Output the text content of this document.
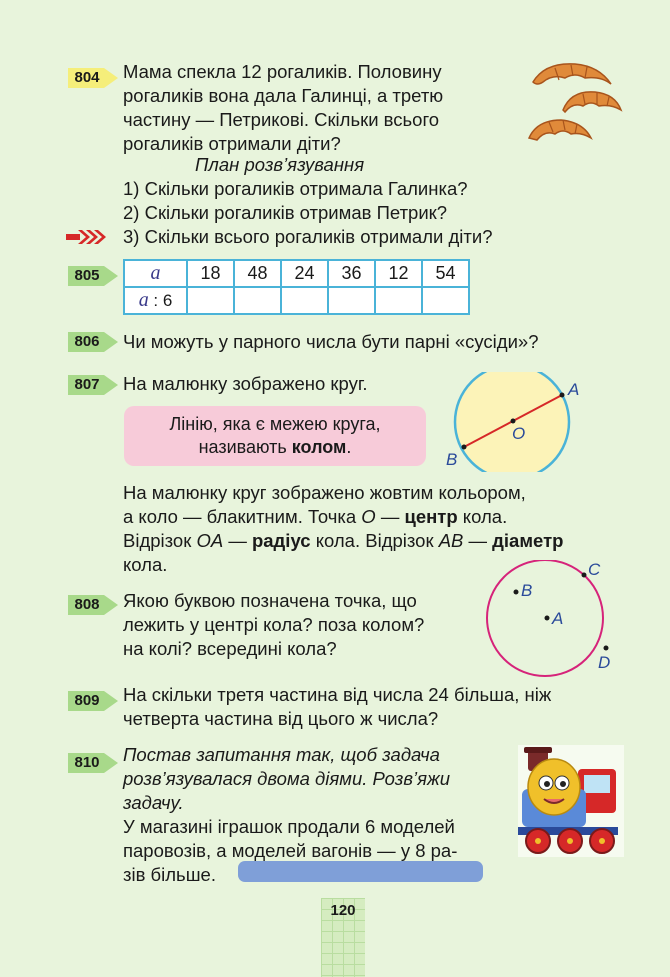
804	Мама спекла 12 рогаликів. Половину
рогаликів вона дала Галинці, а третю
частину — Петрикові. Скільки всього
рогаликів отримали діти?
План розв’язування
1) Скільки рогаликів отримала Галинка?
2) Скільки рогаликів отримав Петрик?
3) Скільки всього рогаликів отримали діти?
805	a	18	48	24	36	12	54
a : 6						
806	Чи можуть у парного числа бути парні «сусіди»?
807	На малюнку зображено круг.
Лінію, яка є межею круга,
називають колом.
A
O
B
На малюнку круг зображено жовтим кольором,
а коло — блакитним. Точка O — центр кола.
Відрізок OA — радіус кола. Відрізок AB — діаметр
кола.
808	Якою буквою позначена точка, що
лежить у центрі кола? поза колом?
на колі? всередині кола?
B
C
A
D
809	На скільки третя частина від числа 24 більша, ніж
четверта частина від цього ж числа?
810	Постав запитання так, щоб задача
розв’язувалася двома діями. Розв’яжи
задачу.
У магазині іграшок продали 6 моделей
паровозів, а моделей вагонів — у 8 ра-
зів більше.
120
